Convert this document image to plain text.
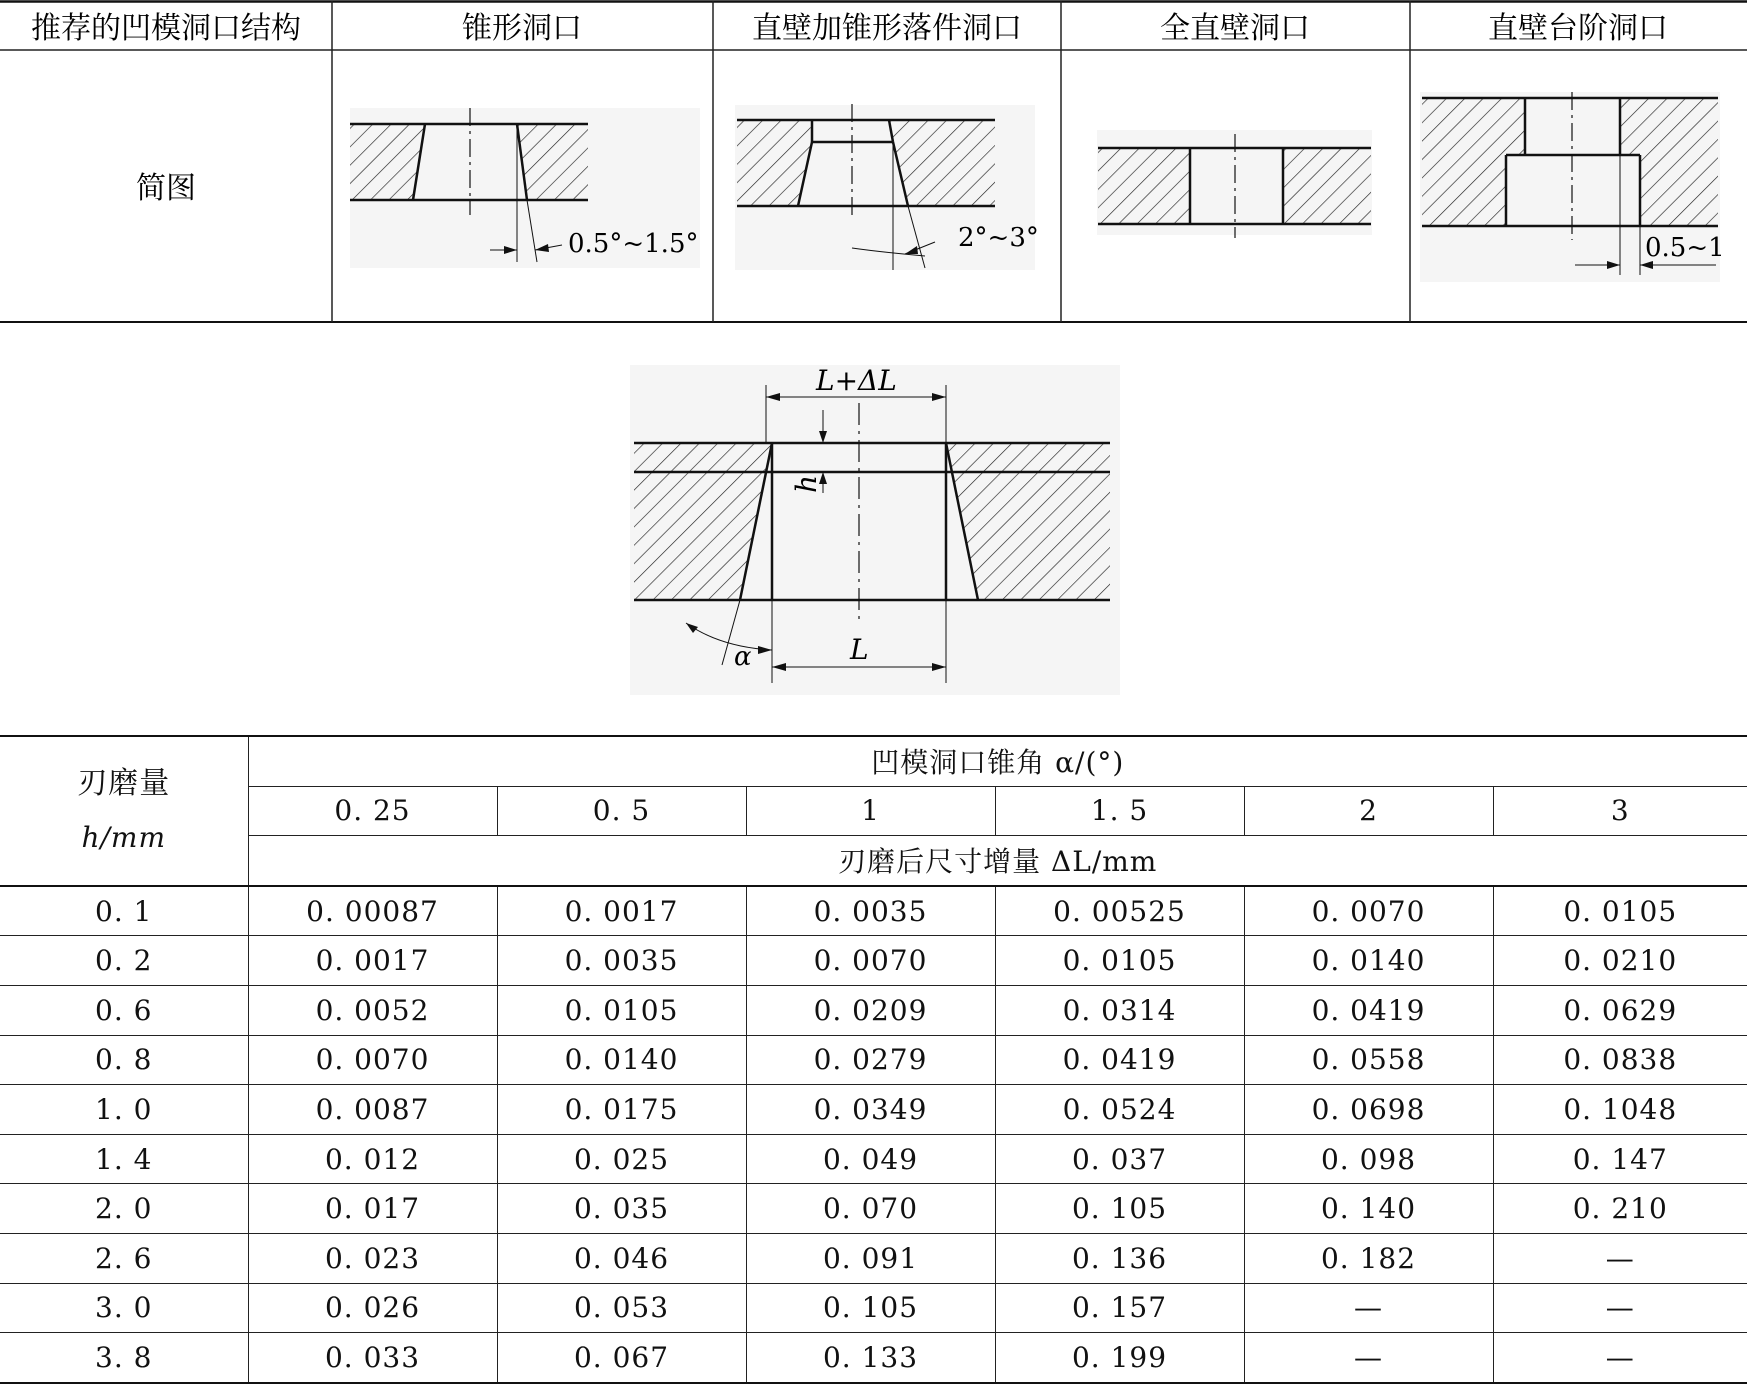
推荐的凹模洞口结构	锥形洞口	直壁加锥形落件洞口	全直壁洞口	直壁台阶洞口
简图
0.5°~1.5°	2°~3°	0.5~1
L+ΔL
h
L
α
刃磨量
h/mm	凹模洞口锥角 α/(°)					
	0. 25	0. 5	1	1. 5	2	3
	刃磨后尺寸增量 ΔL/mm					
0. 1	0. 00087	0. 0017	0. 0035	0. 00525	0. 0070	0. 0105
0. 2	0. 0017	0. 0035	0. 0070	0. 0105	0. 0140	0. 0210
0. 6	0. 0052	0. 0105	0. 0209	0. 0314	0. 0419	0. 0629
0. 8	0. 0070	0. 0140	0. 0279	0. 0419	0. 0558	0. 0838
1. 0	0. 0087	0. 0175	0. 0349	0. 0524	0. 0698	0. 1048
1. 4	0. 012	0. 025	0. 049	0. 037	0. 098	0. 147
2. 0	0. 017	0. 035	0. 070	0. 105	0. 140	0. 210
2. 6	0. 023	0. 046	0. 091	0. 136	0. 182	—
3. 0	0. 026	0. 053	0. 105	0. 157	—	—
3. 8	0. 033	0. 067	0. 133	0. 199	—	—
